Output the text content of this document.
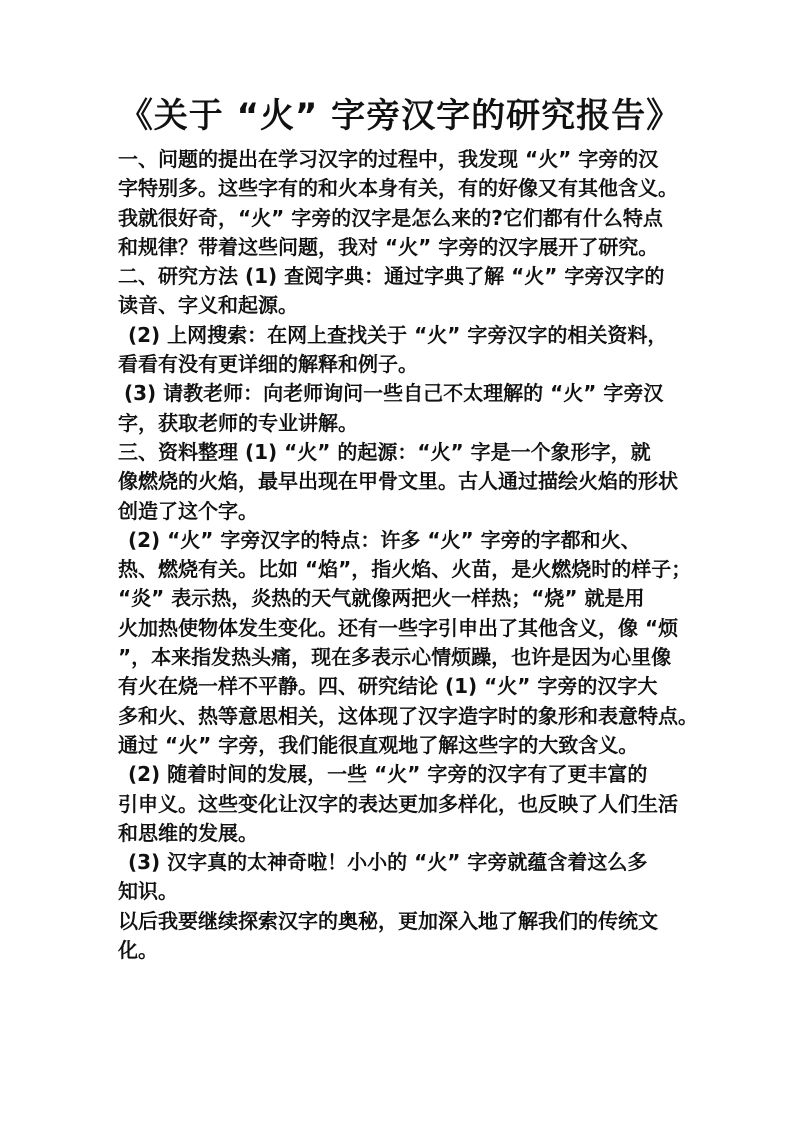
《关于 “火” 字旁汉字的研究报告》
一、问题的提出在学习汉字的过程中，我发现 “火” 字旁的汉
字特别多。这些字有的和火本身有关，有的好像又有其他含义。
我就很好奇，“火” 字旁的汉字是怎么来的?它们都有什么特点
和规律？带着这些问题，我对 “火” 字旁的汉字展开了研究。
二、研究方法 (1) 查阅字典：通过字典了解 “火” 字旁汉字的
读音、字义和起源。
(2) 上网搜索：在网上查找关于 “火” 字旁汉字的相关资料，
看看有没有更详细的解释和例子。
(3) 请教老师：向老师询问一些自己不太理解的 “火” 字旁汉
字，获取老师的专业讲解。
三、资料整理 (1) “火” 的起源：“火” 字是一个象形字，就
像燃烧的火焰，最早出现在甲骨文里。古人通过描绘火焰的形状
创造了这个字。
(2) “火” 字旁汉字的特点：许多 “火” 字旁的字都和火、
热、燃烧有关。比如 “焰”，指火焰、火苗，是火燃烧时的样子；
“炎” 表示热，炎热的天气就像两把火一样热；“烧” 就是用
火加热使物体发生变化。还有一些字引申出了其他含义，像 “烦
”，本来指发热头痛，现在多表示心情烦躁，也许是因为心里像
有火在烧一样不平静。四、研究结论 (1) “火” 字旁的汉字大
多和火、热等意思相关，这体现了汉字造字时的象形和表意特点。
通过 “火” 字旁，我们能很直观地了解这些字的大致含义。
(2) 随着时间的发展，一些 “火” 字旁的汉字有了更丰富的
引申义。这些变化让汉字的表达更加多样化，也反映了人们生活
和思维的发展。
(3) 汉字真的太神奇啦！小小的 “火” 字旁就蕴含着这么多
知识。
以后我要继续探索汉字的奥秘，更加深入地了解我们的传统文
化。
